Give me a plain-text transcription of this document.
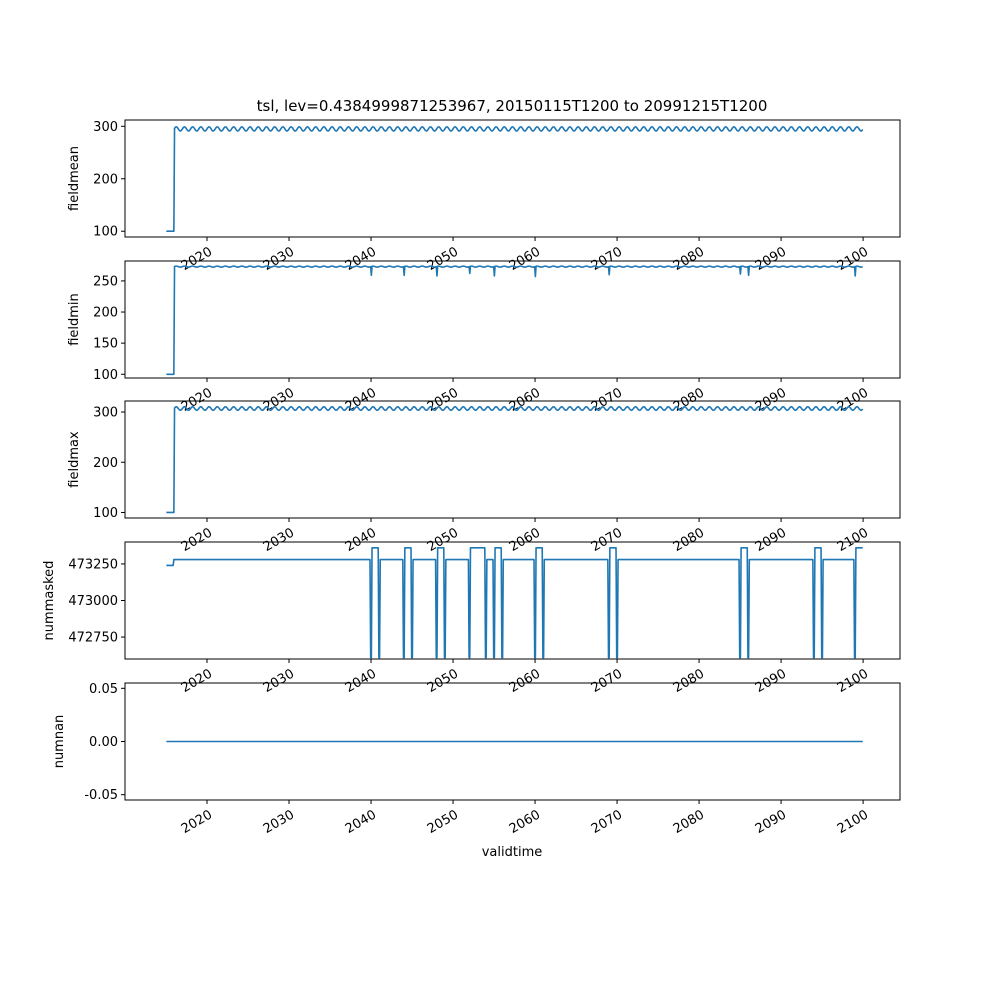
tsl, lev=0.4384999871253967, 20150115T1200 to 20991215T1200
validtime
100
200
300
2020	2030	2040	2050	2060	2070	2080	2090	2100
fieldmean
100
150
200
250
2020	2030	2040	2050	2060	2070	2080	2090	2100
fieldmin
100
200
300
2020	2030	2040	2050	2060	2070	2080	2090	2100
fieldmax
472750
473000
473250
2020	2030	2040	2050	2060	2070	2080	2090	2100
nummasked
-0.05
0.00
0.05
2020	2030	2040	2050	2060	2070	2080	2090	2100
numnan
